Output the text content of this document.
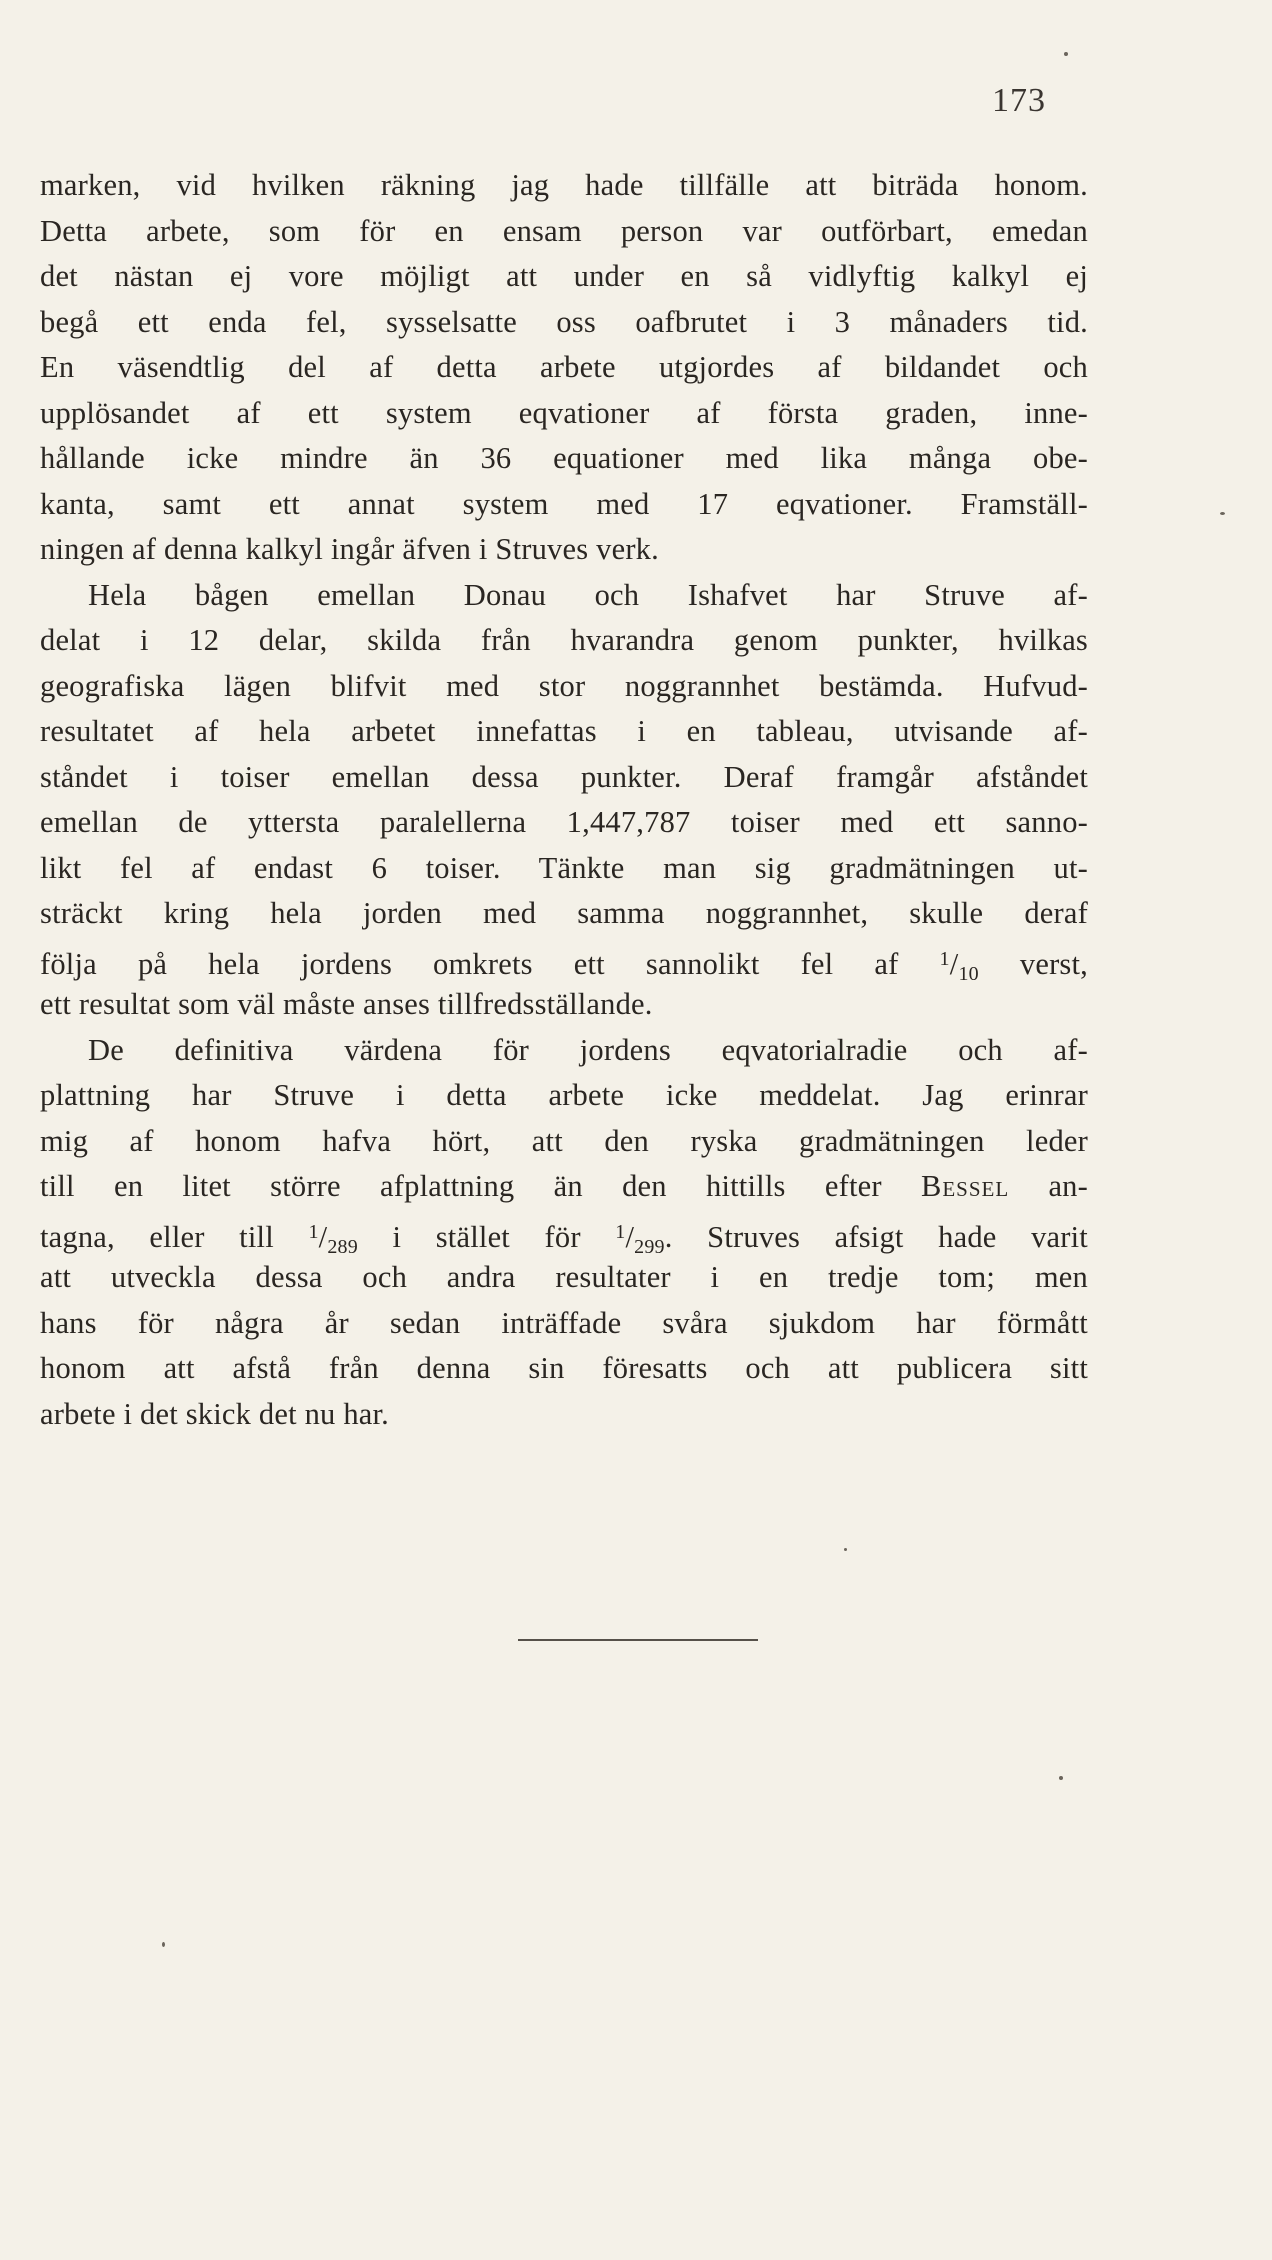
173
marken, vid hvilken räkning jag hade tillfälle att biträda honom.
Detta arbete, som för en ensam person var outförbart, emedan
det nästan ej vore möjligt att under en så vidlyftig kalkyl ej
begå ett enda fel, sysselsatte oss oafbrutet i 3 månaders tid.
En väsendtlig del af detta arbete utgjordes af bildandet och
upplösandet af ett system eqvationer af första graden, inne-
hållande icke mindre än 36 equationer med lika många obe-
kanta, samt ett annat system med 17 eqvationer. Framställ-
ningen af denna kalkyl ingår äfven i Struves verk.
Hela bågen emellan Donau och Ishafvet har Struve af-
delat i 12 delar, skilda från hvarandra genom punkter, hvilkas
geografiska lägen blifvit med stor noggrannhet bestämda. Hufvud-
resultatet af hela arbetet innefattas i en tableau, utvisande af-
ståndet i toiser emellan dessa punkter. Deraf framgår afståndet
emellan de yttersta paralellerna 1,447,787 toiser med ett sanno-
likt fel af endast 6 toiser. Tänkte man sig gradmätningen ut-
sträckt kring hela jorden med samma noggrannhet, skulle deraf
följa på hela jordens omkrets ett sannolikt fel af $^1$/10 verst,
ett resultat som väl måste anses tillfredsställande.
De definitiva värdena för jordens eqvatorialradie och af-
plattning har Struve i detta arbete icke meddelat. Jag erinrar
mig af honom hafva hört, att den ryska gradmätningen leder
till en litet större afplattning än den hittills efter Bessel an-
tagna, eller till $^1$/289 i stället för $^1$/299. Struves afsigt hade varit
att utveckla dessa och andra resultater i en tredje tom; men
hans för några år sedan inträffade svåra sjukdom har förmått
honom att afstå från denna sin föresatts och att publicera sitt
arbete i det skick det nu har.
